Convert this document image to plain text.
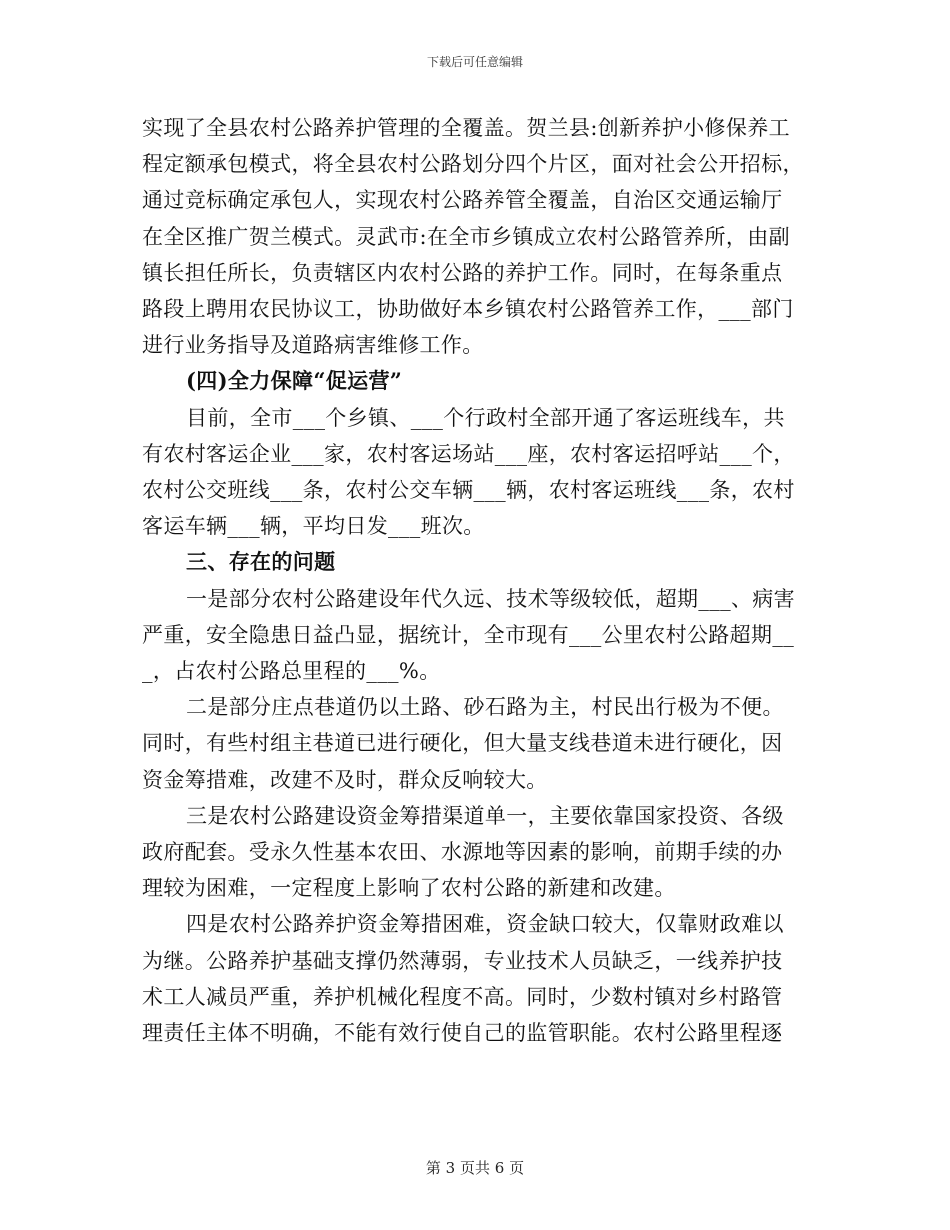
下载后可任意编辑
实现了全县农村公路养护管理的全覆盖。贺兰县:创新养护小修保养工
程定额承包模式，将全县农村公路划分四个片区，面对社会公开招标，
通过竞标确定承包人，实现农村公路养管全覆盖，自治区交通运输厅
在全区推广贺兰模式。灵武市:在全市乡镇成立农村公路管养所，由副
镇长担任所长，负责辖区内农村公路的养护工作。同时，在每条重点
路段上聘用农民协议工，协助做好本乡镇农村公路管养工作，___部门
进行业务指导及道路病害维修工作。
(四)全力保障“促运营”
目前，全市___个乡镇、___个行政村全部开通了客运班线车，共
有农村客运企业___家，农村客运场站___座，农村客运招呼站___个，
农村公交班线___条，农村公交车辆___辆，农村客运班线___条，农村
客运车辆___辆，平均日发___班次。
三、存在的问题
一是部分农村公路建设年代久远、技术等级较低，超期___、病害
严重，安全隐患日益凸显，据统计，全市现有___公里农村公路超期__
_，占农村公路总里程的___%。
二是部分庄点巷道仍以土路、砂石路为主，村民出行极为不便。
同时，有些村组主巷道已进行硬化，但大量支线巷道未进行硬化，因
资金筹措难，改建不及时，群众反响较大。
三是农村公路建设资金筹措渠道单一，主要依靠国家投资、各级
政府配套。受永久性基本农田、水源地等因素的影响，前期手续的办
理较为困难，一定程度上影响了农村公路的新建和改建。
四是农村公路养护资金筹措困难，资金缺口较大，仅靠财政难以
为继。公路养护基础支撑仍然薄弱，专业技术人员缺乏，一线养护技
术工人减员严重，养护机械化程度不高。同时，少数村镇对乡村路管
理责任主体不明确，不能有效行使自己的监管职能。农村公路里程逐
第 3 页共 6 页
